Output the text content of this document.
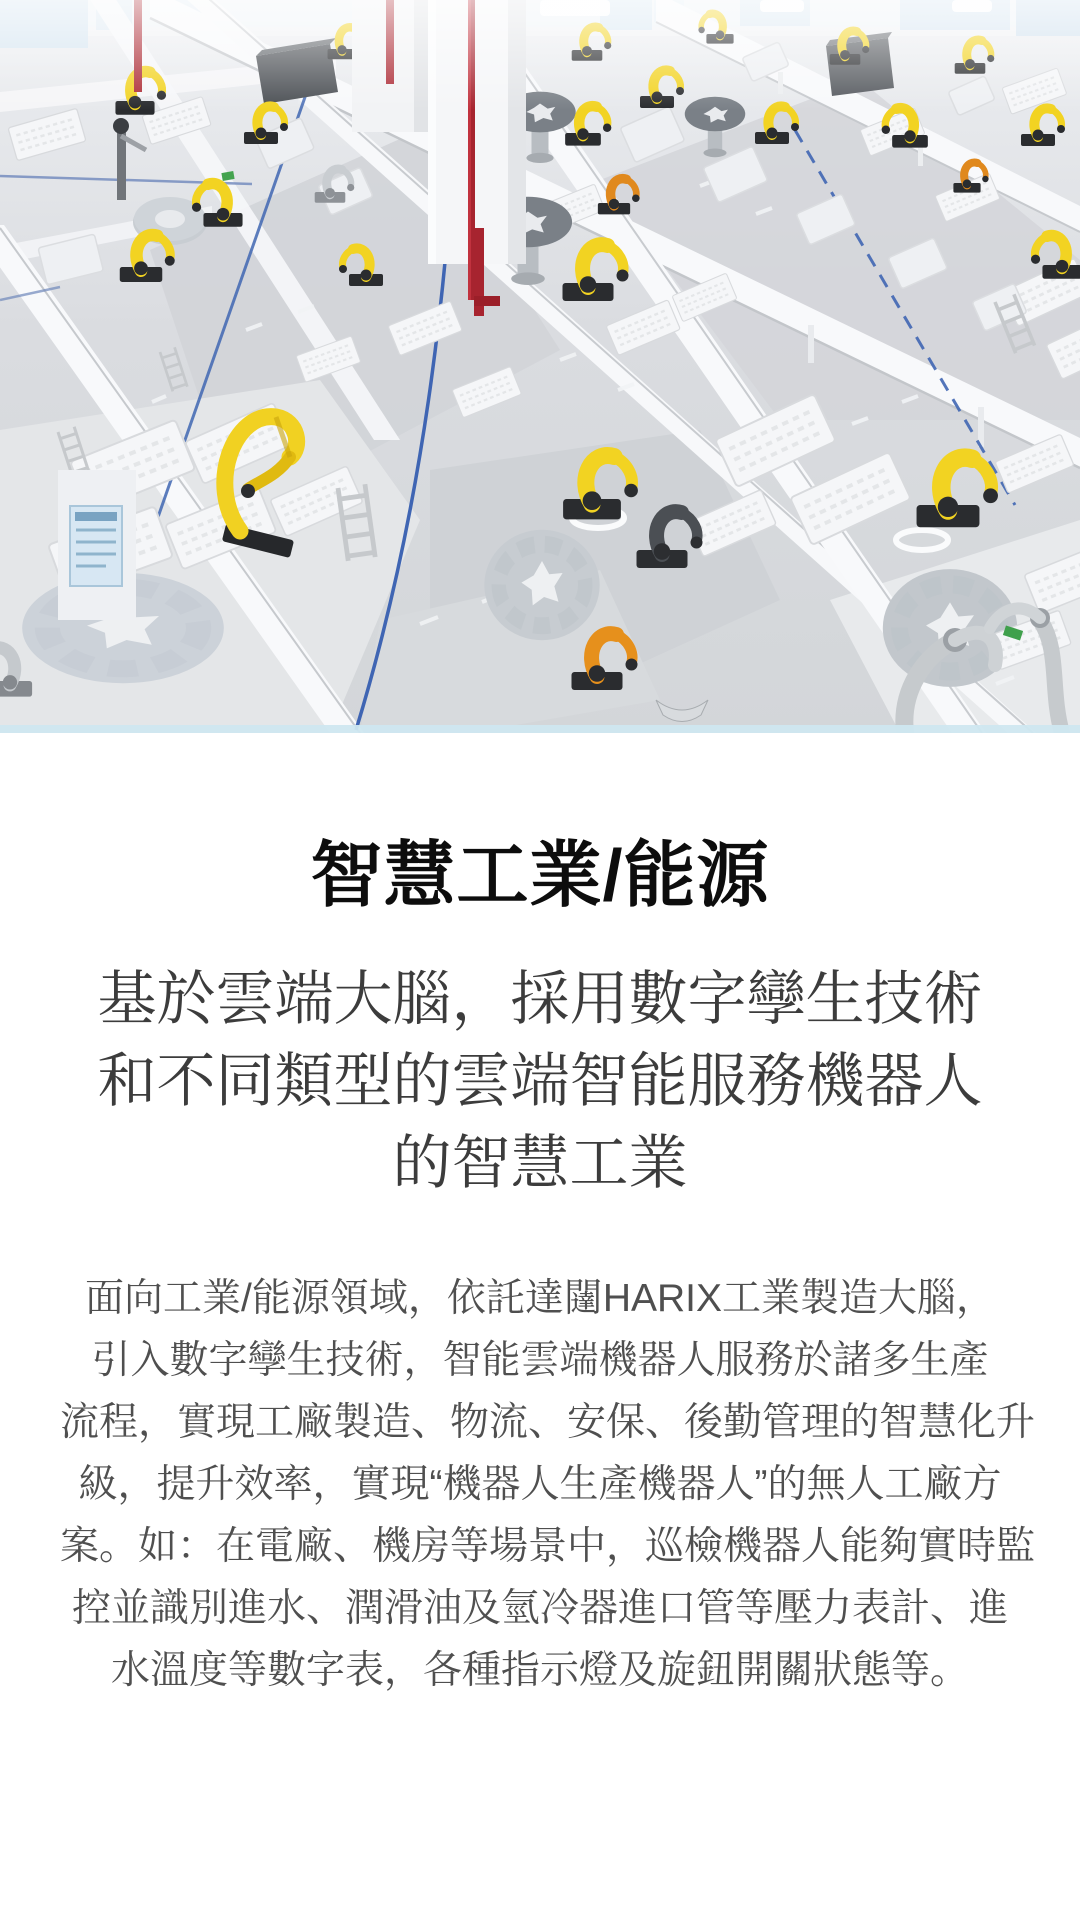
智慧工業/能源
基於雲端大腦，採用數字孿生技術
和不同類型的雲端智能服務機器人
的智慧工業

面向工業/能源領域，依託達闥HARIX工業製造大腦，
引入數字孿生技術，智能雲端機器人服務於諸多生產
流程，實現工廠製造、物流、安保、後勤管理的智慧化升
級，提升效率，實現“機器人生產機器人”的無人工廠方
案。如：在電廠、機房等場景中，巡檢機器人能夠實時監
控並識別進水、潤滑油及氫冷器進口管等壓力表計、進
水溫度等數字表，各種指示燈及旋鈕開關狀態等。
